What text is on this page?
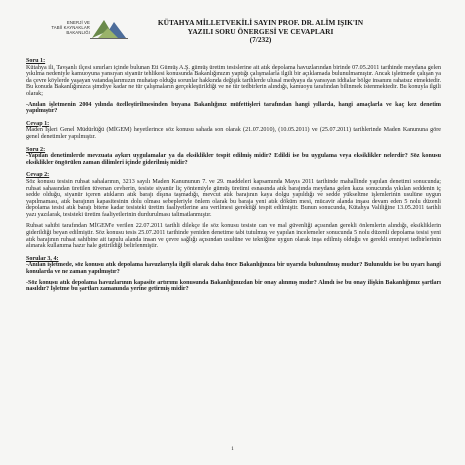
ENERJİ VE
TABİİ KAYNAKLAR
BAKANLIĞI
KÜTAHYA MİLLETVEKİLİ SAYIN PROF. DR. ALİM IŞIK'IN
YAZILI SORU ÖNERGESİ VE CEVAPLARI
(7/232)
Soru 1:

Kütahya ili, Tavşanlı ilçesi sınırları içinde bulunan Eti Gümüş A.Ş. gümüş üretim tesislerine ait atık depolama havuzlarından birinde 07.05.2011 tarihinde meydana gelen yıkılma nedeniyle kamuoyuna yansıyan siyanür tehlikesi konusunda Bakanlığınızın yaptığı çalışmalarla ilgili bir açıklamada bulunulmamıştır. Ancak işletmede çalışan ya da çevre köylerde yaşayan vatandaşlarımızın muhatap olduğu sorunlar hakkında değişik tarihlerde ulusal medyaya da yansıyan iddialar bölge insanını rahatsız etmektedir. Bu konuda Bakanlığınızca şimdiye kadar ne tür çalışmaların gerçekleştirildiği ve ne tür tedbirlerin alındığı, kamuoyu tarafından bilinmek istenmektedir. Bu konuyla ilgili olarak;

-Anılan işletmenin 2004 yılında özelleştirilmesinden buyana Bakanlığınız müfettişleri tarafından hangi yıllarda, hangi amaçlarla ve kaç kez denetim yapılmıştır?

Cevap 1:

Maden İşleri Genel Müdürlüğü (MİGEM) heyetlerince söz konusu sahada son olarak (21.07.2010), (10.05.2011) ve (25.07.2011) tarihlerinde Maden Kanununa göre genel denetimler yapılmıştır.

Soru 2:

-Yapılan denetimlerde mevzuata aykırı uygulamalar ya da eksiklikler tespit edilmiş midir? Edildi ise bu uygulama veya eksiklikler nelerdir? Söz konusu eksiklikler öngörülen zaman dilimleri içinde giderilmiş midir?

Cevap 2:

Söz konusu tesisin ruhsat sahalarının, 3213 sayılı Maden Kanununun 7. ve 29. maddeleri kapsamında Mayıs 2011 tarihinde mahallinde yapılan denetimi sonucunda; ruhsat sahasından üretilen tüvenan cevherin, tesiste siyanür liç yöntemiyle gümüş üretimi esnasında atık barajında meydana gelen kaza sonucunda yıkılan seddenin iç sedde olduğu, siyanür içeren atıkların atık barajı dışına taşmadığı, mevcut atık barajının kaya dolgu yapıldığı ve sedde yükseltme işlemlerinin usulüne uygun yapılmaması, atık barajının kapasitesinin dolu olması sebepleriyle önlem olarak bu baraja yeni atık döküm mesi, mücavir alanda inşası devam eden 5 nolu düzenli depolama tesisi atık barajı bitene kadar tesisteki üretim faaliyetlerine ara verilmesi gerektiği tespit edilmiştir. Bunun sonucunda, Kütahya Valiliğine 13.05.2011 tarihli yazı yazılarak, tesisteki üretim faaliyetlerinin durdurulması talimatlanmıştır.

Ruhsat sahibi tarafından MİGEM'e verilen 22.07.2011 tarihli dilekçe ile söz konusu tesiste can ve mal güvenliği açısından gerekli önlemlerin alındığı, eksikliklerin giderildiği beyan edilmiştir. Söz konusu tesis 25.07.2011 tarihinde yeniden denetime tabi tutulmuş ve yapılan incelemeler sonucunda 5 nolu düzenli depolama tesisi yeni atık barajının ruhsat sahibine ait tapulu alanda insan ve çevre sağlığı açısından usulüne ve tekniğine uygun olarak inşa edilmiş olduğu ve gerekli emniyet tedbirlerinin alınarak kullanıma hazır hale getirildiği belirlenmiştir.

Sorular 3, 4:

-Anılan işletmede, söz konusu atık depolama havuzlarıyla ilgili olarak daha önce Bakanlığınıza bir uyarıda bulunulmuş mudur? Bulunuldu ise bu uyarı hangi konularda ve ne zaman yapılmıştır?

-Söz konusu atık depolama havuzlarının kapasite artırımı konusunda Bakanlığınızdan bir onay alınmış mıdır? Alındı ise bu onay ilişkin Bakanlığımız şartları nasıldır? İşletme bu şartları zamanında yerine getirmiş midir?

1
